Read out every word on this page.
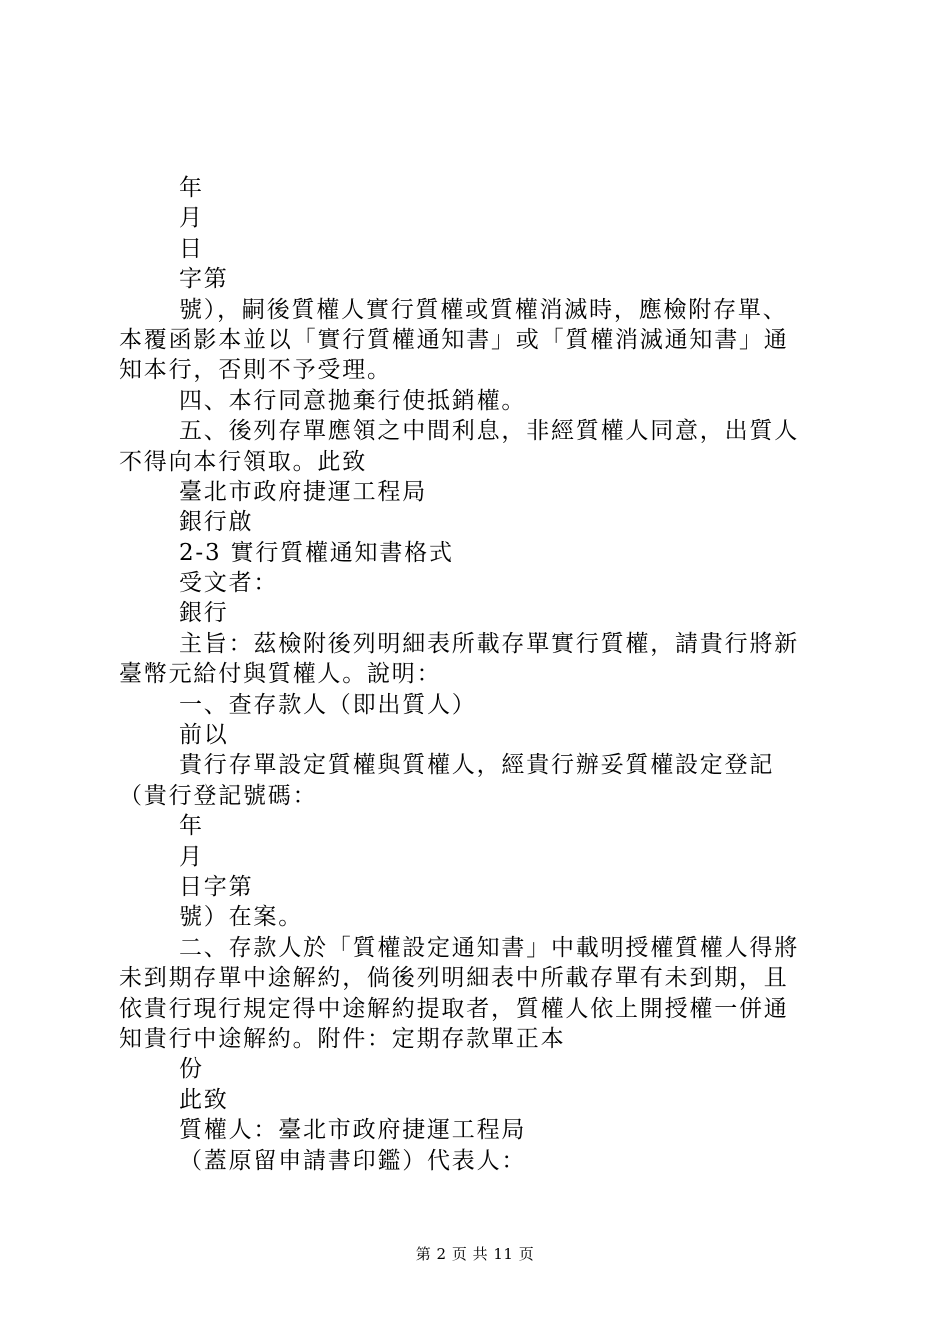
年
月
日
字第
號），嗣後質權人實行質權或質權消滅時，應檢附存單、
本覆函影本並以「實行質權通知書」或「質權消滅通知書」通
知本行，否則不予受理。
四、本行同意拋棄行使抵銷權。
五、後列存單應領之中間利息，非經質權人同意，出質人
不得向本行領取。此致
臺北市政府捷運工程局
銀行啟
2-3 實行質權通知書格式
受文者：
銀行
主旨：茲檢附後列明細表所載存單實行質權，請貴行將新
臺幣元給付與質權人。說明：
一、查存款人（即出質人）
前以
貴行存單設定質權與質權人，經貴行辦妥質權設定登記
（貴行登記號碼：
年
月
日字第
號）在案。
二、存款人於「質權設定通知書」中載明授權質權人得將
未到期存單中途解約，倘後列明細表中所載存單有未到期，且
依貴行現行規定得中途解約提取者，質權人依上開授權一併通
知貴行中途解約。附件：定期存款單正本
份
此致
質權人：臺北市政府捷運工程局
（蓋原留申請書印鑑）代表人：
第 2 页 共 11 页
